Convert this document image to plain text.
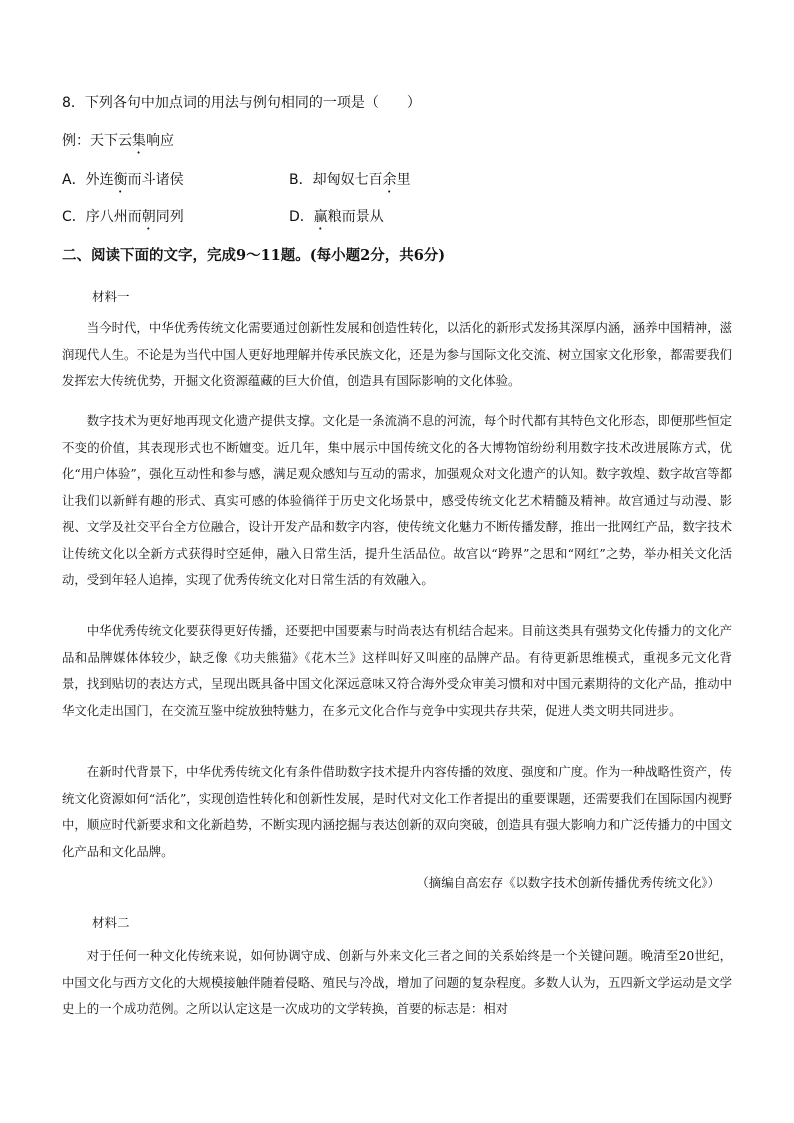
8．下列各句中加点词的用法与例句相同的一项是（　　）
例：天下云集响应
A．外连衡而斗诸侯	B．却匈奴七百余里
C．序八州而朝同列	D．赢粮而景从
二、阅读下面的文字，完成9～11题。(每小题2分，共6分)
材料一
当今时代，中华优秀传统文化需要通过创新性发展和创造性转化，以活化的新形式发扬其深厚内涵，涵养中国精神，滋润现代人生。不论是为当代中国人更好地理解并传承民族文化，还是为参与国际文化交流、树立国家文化形象，都需要我们发挥宏大传统优势，开掘文化资源蕴藏的巨大价值，创造具有国际影响的文化体验。
数字技术为更好地再现文化遗产提供支撑。文化是一条流淌不息的河流，每个时代都有其特色文化形态，即便那些恒定不变的价值，其表现形式也不断嬗变。近几年，集中展示中国传统文化的各大博物馆纷纷利用数字技术改进展陈方式，优化“用户体验”，强化互动性和参与感，满足观众感知与互动的需求，加强观众对文化遗产的认知。数字敦煌、数字故宫等都让我们以新鲜有趣的形式、真实可感的体验徜徉于历史文化场景中，感受传统文化艺术精髓及精神。故宫通过与动漫、影视、文学及社交平台全方位融合，设计开发产品和数字内容，使传统文化魅力不断传播发酵，推出一批网红产品，数字技术让传统文化以全新方式获得时空延伸，融入日常生活，提升生活品位。故宫以“跨界”之思和“网红”之势，举办相关文化活动，受到年轻人追捧，实现了优秀传统文化对日常生活的有效融入。
中华优秀传统文化要获得更好传播，还要把中国要素与时尚表达有机结合起来。目前这类具有强势文化传播力的文化产品和品牌媒体体较少，缺乏像《功夫熊猫》《花木兰》这样叫好又叫座的品牌产品。有待更新思维模式，重视多元文化背景，找到贴切的表达方式，呈现出既具备中国文化深远意味又符合海外受众审美习惯和对中国元素期待的文化产品，推动中华文化走出国门，在交流互鉴中绽放独特魅力，在多元文化合作与竞争中实现共存共荣，促进人类文明共同进步。
在新时代背景下，中华优秀传统文化有条件借助数字技术提升内容传播的效度、强度和广度。作为一种战略性资产，传统文化资源如何“活化”，实现创造性转化和创新性发展，是时代对文化工作者提出的重要课题，还需要我们在国际国内视野中，顺应时代新要求和文化新趋势，不断实现内涵挖掘与表达创新的双向突破，创造具有强大影响力和广泛传播力的中国文化产品和文化品牌。
（摘编自高宏存《以数字技术创新传播优秀传统文化》）
材料二
对于任何一种文化传统来说，如何协调守成、创新与外来文化三者之间的关系始终是一个关键问题。晚清至20世纪，中国文化与西方文化的大规模接触伴随着侵略、殖民与冷战，增加了问题的复杂程度。多数人认为，五四新文学运动是文学史上的一个成功范例。之所以认定这是一次成功的文学转换，首要的标志是：相对
